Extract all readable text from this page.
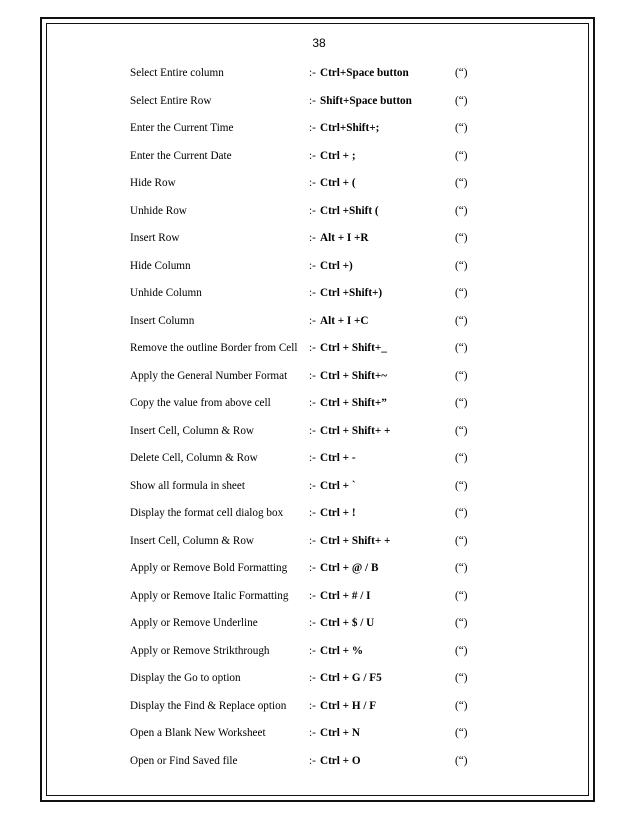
38
Select Entire column	:- Ctrl+Space button	(“)
Select Entire Row	:- Shift+Space button	(“)
Enter the Current Time	:- Ctrl+Shift+;	(“)
Enter the Current Date	:- Ctrl + ;	(“)
Hide Row	:- Ctrl + (	(“)
Unhide Row	:- Ctrl +Shift (	(“)
Insert Row	:- Alt + I +R	(“)
Hide Column	:- Ctrl +)	(“)
Unhide Column	:- Ctrl +Shift+)	(“)
Insert Column	:- Alt + I +C	(“)
Remove the outline Border from Cell	:- Ctrl + Shift+_	(“)
Apply the General Number Format	:- Ctrl + Shift+~	(“)
Copy the value from above cell	:- Ctrl + Shift+”	(“)
Insert Cell, Column & Row	:- Ctrl + Shift+ +	(“)
Delete Cell, Column & Row	:- Ctrl + -	(“)
Show all formula in sheet	:- Ctrl + `	(“)
Display the format cell dialog box	:- Ctrl + !	(“)
Insert Cell, Column & Row	:- Ctrl + Shift+ +	(“)
Apply or Remove Bold Formatting	:- Ctrl + @ / B	(“)
Apply or Remove Italic Formatting	:- Ctrl + # / I	(“)
Apply or Remove Underline	:- Ctrl + $ / U	(“)
Apply or Remove Strikthrough	:- Ctrl + %	(“)
Display the Go to option	:- Ctrl + G / F5	(“)
Display the Find & Replace option	:- Ctrl + H / F	(“)
Open a Blank New Worksheet	:- Ctrl + N	(“)
Open or Find Saved file	:- Ctrl + O	(“)
